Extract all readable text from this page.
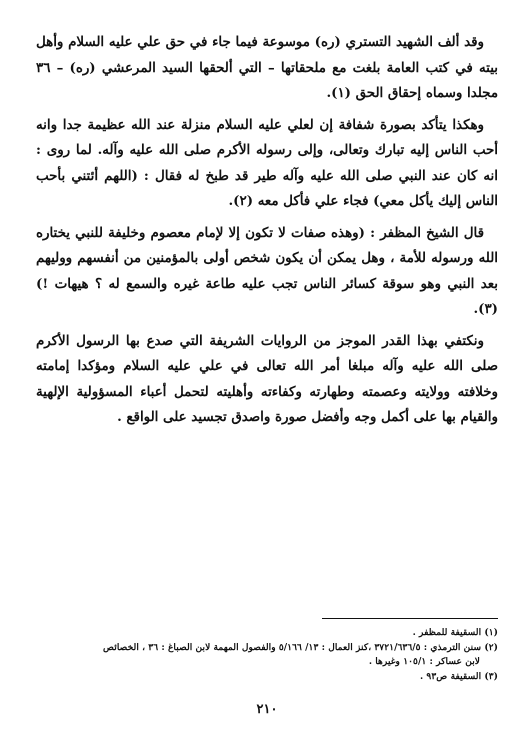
وقد ألف الشهيد التستري (ره) موسوعة فيما جاء في حق علي عليه السلام وأهل بيته في كتب العامة بلغت مع ملحقاتها – التي ألحقها السيد المرعشي (ره) – ٣٦ مجلدا وسماه إحقاق الحق (١).

وهكذا يتأكد بصورة شفافة إن لعلي عليه السلام منزلة عند الله عظيمة جدا وانه أحب الناس إليه تبارك وتعالى، وإلى رسوله الأكرم صلى الله عليه وآله. لما روى : انه كان عند النبي صلى الله عليه وآله طير قد طبخ له فقال : (اللهم أئتني بأحب الناس إليك يأكل معي) فجاء علي فأكل معه (٢).

قال الشيخ المظفر : (وهذه صفات لا تكون إلا لإمام معصوم وخليفة للنبي يختاره الله ورسوله للأمة ، وهل يمكن أن يكون شخص أولى بالمؤمنين من أنفسهم ووليهم بعد النبي وهو سوقة كسائر الناس تجب عليه طاعة غيره والسمع له ؟ هيهات !) (٣).

ونكتفي بهذا القدر الموجز من الروايات الشريفة التي صدع بها الرسول الأكرم صلى الله عليه وآله مبلغا أمر الله تعالى في علي عليه السلام ومؤكدا إمامته وخلافته وولايته وعصمته وطهارته وكفاءته وأهليته لتحمل أعباء المسؤولية الإلهية والقيام بها على أكمل وجه وأفضل صورة واصدق تجسيد على الواقع .

(١) السقيفة للمظفر .

(٢) سنن الترمذي : ٣٧٢١/٦٣٦/٥ ،كنز العمال : ١٣/ ٥/١٦٦ والفصول المهمة لابن الصباغ : ٣٦ ، الخصائص

لابن عساكر : ١٠٥/١ وغيرها .

(٣) السقيفة ص٩٣ .

٢١٠
